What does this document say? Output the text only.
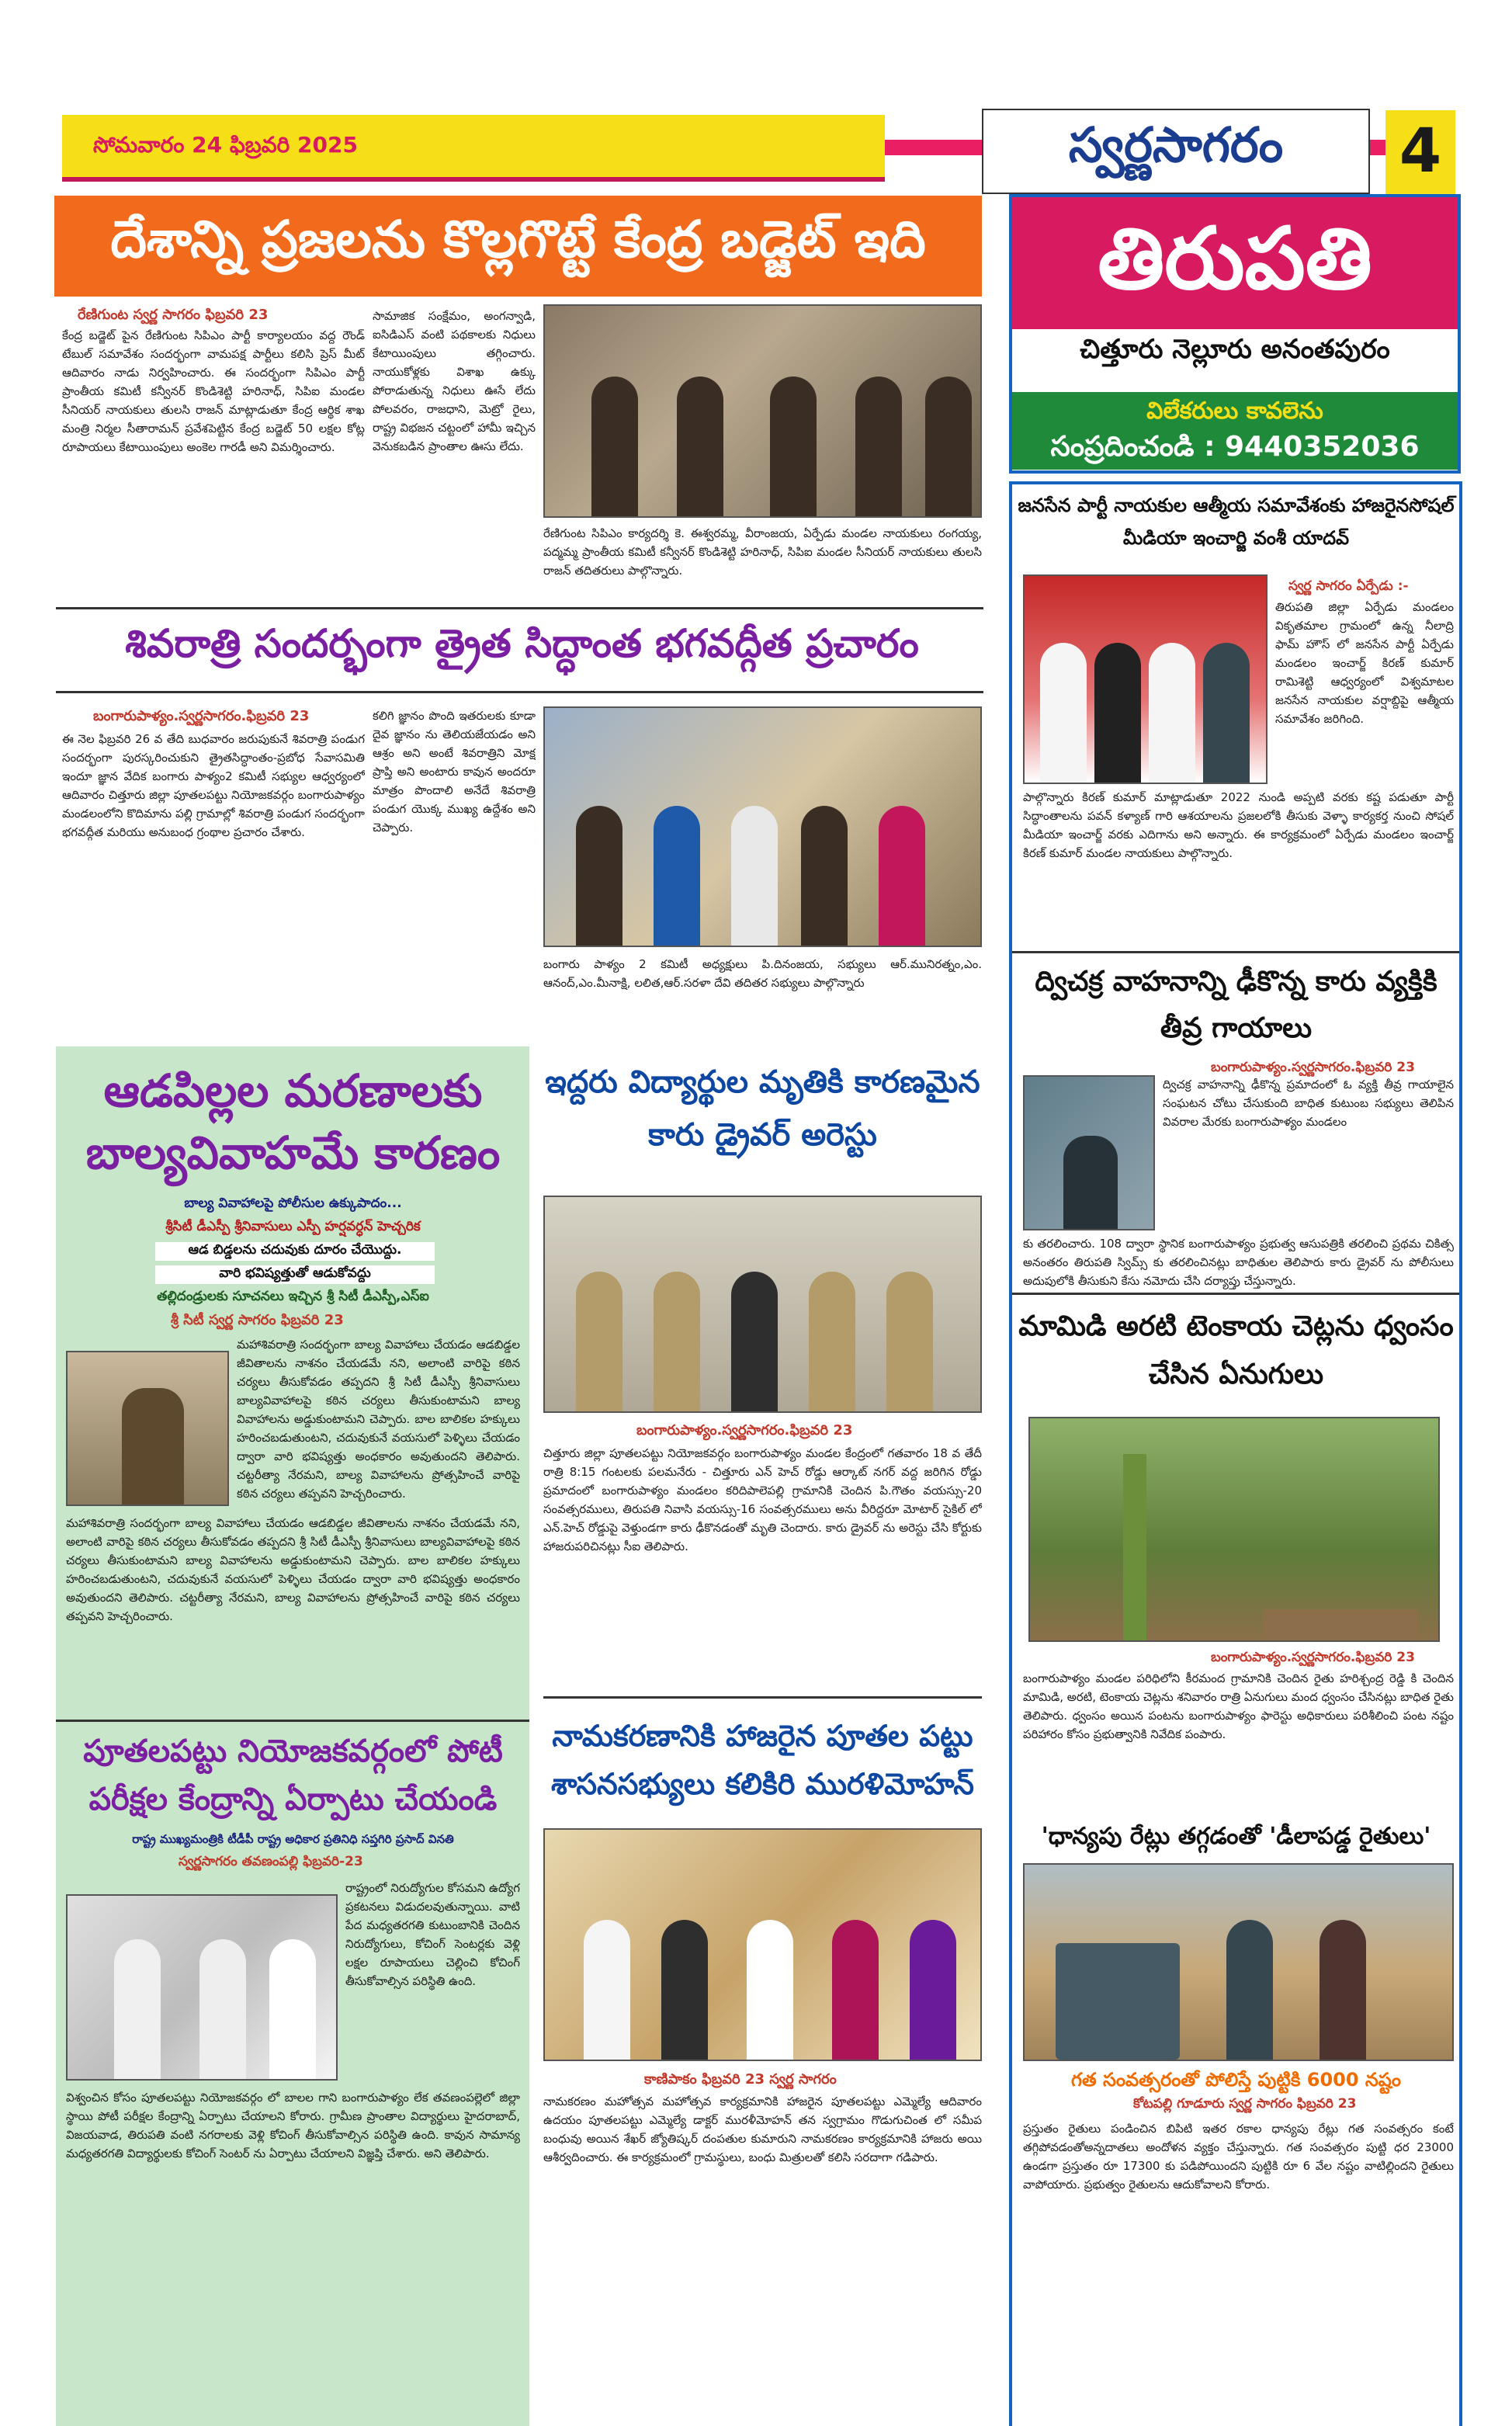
సోమవారం 24 ఫిబ్రవరి 2025	స్వర్ణసాగరం	4
దేశాన్ని ప్రజలను కొల్లగొట్టే కేంద్ర బడ్జెట్ ఇది
రేణిగుంట స్వర్ణ సాగరం ఫిబ్రవరి 23
కేంద్ర బడ్జెట్ పైన రేణిగుంట సిపిఎం పార్టీ కార్యాలయం వద్ద రౌండ్ టేబుల్ సమావేశం సందర్భంగా వామపక్ష పార్టీలు కలిసి ప్రెస్ మీట్ ఆదివారం నాడు నిర్వహించారు. ఈ సందర్భంగా సిపిఎం పార్టీ ప్రాంతీయ కమిటీ కన్వీనర్ కొండిశెట్టి హరినాధ్, సిపిఐ మండల సీనియర్ నాయకులు తులసి రాజన్ మాట్లాడుతూ కేంద్ర ఆర్థిక శాఖ మంత్రి నిర్మల సీతారామన్ ప్రవేశపెట్టిన కేంద్ర బడ్జెట్ 50 లక్షల కోట్ల రూపాయలు కేటాయింపులు అంకెల గారడీ అని విమర్శించారు.
సామాజిక సంక్షేమం, అంగన్వాడి, ఐసిడిఎస్ వంటి పథకాలకు నిధులు కేటాయింపులు తగ్గించారు. నాయుకోళ్లకు విశాఖ ఉక్కు పోరాడుతున్న నిధులు ఊసే లేదు పోలవరం, రాజధాని, మెట్రో రైలు, రాష్ట్ర విభజన చట్టంలో హామీ ఇచ్చిన వెనుకబడిన ప్రాంతాల ఊసు లేదు.
రేణిగుంట సిపిఎం కార్యదర్శి కె. ఈశ్వరమ్మ, వీరాంజయ, ఏర్పేడు మండల నాయకులు రంగయ్య, పద్మమ్మ ప్రాంతీయ కమిటీ కన్వీనర్ కొండిశెట్టి హరినాధ్, సిపిఐ మండల సీనియర్ నాయకులు తులసి రాజన్ తదితరులు పాల్గొన్నారు.
తిరుపతి
చిత్తూరు నెల్లూరు అనంతపురం
విలేకరులు కావలెను
సంప్రదించండి : 9440352036
శివరాత్రి సందర్భంగా త్రైత సిద్ధాంత భగవద్గీత ప్రచారం
బంగారుపాళ్యం.స్వర్ణసాగరం.ఫిబ్రవరి 23
ఈ నెల ఫిబ్రవరి 26 వ తేది బుధవారం జరుపుకునే శివరాత్రి పండుగ సందర్భంగా పురస్కరించుకుని త్రైతసిద్ధాంతం-ప్రబోధ సేవాసమితి ఇందూ జ్ఞాన వేదిక బంగారు పాళ్యం2 కమిటీ సభ్యుల ఆధ్వర్యంలో ఆదివారం చిత్తూరు జిల్లా పూతలపట్టు నియోజకవర్గం బంగారుపాళ్యం మండలంలోని కొదిమాను పల్లి గ్రామాల్లో శివరాత్రి పండుగ సందర్భంగా భగవద్గీత మరియు అనుబంధ గ్రంథాల ప్రచారం చేశారు.
కలిగి జ్ఞానం పొంది ఇతరులకు కూడా దైవ జ్ఞానం ను తెలియజేయడం అని ఆశ్రం అని అంటే శివరాత్రిని మోక్ష ప్రాప్తి అని అంటారు కావున అందరూ మాత్రం పొందాలి అనేదే శివరాత్రి పండుగ యొక్క ముఖ్య ఉద్దేశం అని చెప్పారు.
బంగారు పాళ్యం 2 కమిటీ అధ్యక్షులు పి.దినంజయ, సభ్యులు ఆర్.మునిరత్నం,ఎం. ఆనంద్,ఎం.మీనాక్షి, లలిత,ఆర్.సరళా దేవి తదితర సభ్యులు పాల్గొన్నారు
ఆడపిల్లల మరణాలకు బాల్యవివాహమే కారణం
బాల్య వివాహాలపై పోలీసుల ఉక్కుపాదం...
శ్రీసిటీ డీఎస్పీ శ్రీనివాసులు ఎస్పీ హర్షవర్ధన్ హెచ్చరిక
ఆడ బిడ్డలను చదువుకు దూరం చేయొద్దు.
వారి భవిష్యత్తుతో ఆడుకోవద్దు
తల్లిదండ్రులకు సూచనలు ఇచ్చిన శ్రీ సిటీ డీఎస్పీ,ఎస్ఐ
శ్రీ సిటీ స్వర్ణ సాగరం ఫిబ్రవరి 23
మహాశివరాత్రి సందర్భంగా బాల్య వివాహాలు చేయడం ఆడబిడ్డల జీవితాలను నాశనం చేయడమే నని, అలాంటి వారిపై కఠిన చర్యలు తీసుకోవడం తప్పదని శ్రీ సిటీ డీఎస్పీ శ్రీనివాసులు బాల్యవివాహాలపై కఠిన చర్యలు తీసుకుంటామని బాల్య వివాహాలను అడ్డుకుంటామని చెప్పారు. బాల బాలికల హక్కులు హరించబడుతుంటని, చదువుకునే వయసులో పెళ్ళిలు చేయడం ద్వారా వారి భవిష్యత్తు అంధకారం అవుతుందని తెలిపారు. చట్టరీత్యా నేరమని, బాల్య వివాహాలను ప్రోత్సహించే వారిపై కఠిన చర్యలు తప్పవని హెచ్చరించారు.
మహాశివరాత్రి సందర్భంగా బాల్య వివాహాలు చేయడం ఆడబిడ్డల జీవితాలను నాశనం చేయడమే నని, అలాంటి వారిపై కఠిన చర్యలు తీసుకోవడం తప్పదని శ్రీ సిటీ డీఎస్పీ శ్రీనివాసులు బాల్యవివాహాలపై కఠిన చర్యలు తీసుకుంటామని బాల్య వివాహాలను అడ్డుకుంటామని చెప్పారు. బాల బాలికల హక్కులు హరించబడుతుంటని, చదువుకునే వయసులో పెళ్ళిలు చేయడం ద్వారా వారి భవిష్యత్తు అంధకారం అవుతుందని తెలిపారు. చట్టరీత్యా నేరమని, బాల్య వివాహాలను ప్రోత్సహించే వారిపై కఠిన చర్యలు తప్పవని హెచ్చరించారు.
పూతలపట్టు నియోజకవర్గంలో పోటీ పరీక్షల కేంద్రాన్ని ఏర్పాటు చేయండి
రాష్ట్ర ముఖ్యమంత్రికి టీడీపీ రాష్ట్ర అధికార ప్రతినిధి సప్తగిరి ప్రసాద్ వినతి
స్వర్ణసాగరం తవణంపల్లి ఫిబ్రవరి-23
రాష్ట్రంలో నిరుద్యోగుల కోసమని ఉద్యోగ ప్రకటనలు విడుదలవుతున్నాయి. వాటి పేద మధ్యతరగతి కుటుంబానికి చెందిన నిరుద్యోగులు, కోచింగ్ సెంటర్లకు వెళ్లి లక్షల రూపాయలు చెల్లించి కోచింగ్ తీసుకోవాల్సిన పరిస్థితి ఉంది.
విశ్వంచిన కోసం పూతలపట్టు నియోజకవర్గం లో బాలల గాని బంగారుపాళ్యం లేక తవణంపల్లెలో జిల్లా స్థాయి పోటీ పరీక్షల కేంద్రాన్ని ఏర్పాటు చేయాలని కోరారు. గ్రామీణ ప్రాంతాల విద్యార్థులు హైదరాబాద్, విజయవాడ, తిరుపతి వంటి నగరాలకు వెళ్లి కోచింగ్ తీసుకోవాల్సిన పరిస్థితి ఉంది. కావున సామాన్య మధ్యతరగతి విద్యార్థులకు కోచింగ్ సెంటర్ ను ఏర్పాటు చేయాలని విజ్ఞప్తి చేశారు. అని తెలిపారు.
ఇద్దరు విద్యార్థుల మృతికి కారణమైన కారు డ్రైవర్ అరెస్టు
బంగారుపాళ్యం.స్వర్ణసాగరం.ఫిబ్రవరి 23
చిత్తూరు జిల్లా పూతలపట్టు నియోజకవర్గం బంగారుపాళ్యం మండల కేంద్రంలో గతవారం 18 వ తేదీ రాత్రి 8:15 గంటలకు పలమనేరు - చిత్తూరు ఎన్ హెచ్ రోడ్డు ఆర్కాట్ నగర్ వద్ద జరిగిన రోడ్డు ప్రమాదంలో బంగారుపాళ్యం మండలం కరిదిపాలెపల్లి గ్రామానికి చెందిన పి.గౌతం వయస్సు-20 సంవత్సరములు, తిరుపతి నివాసి వయస్సు-16 సంవత్సరములు అను వీరిద్దరూ మోటార్ సైకిల్ లో ఎన్.హెచ్ రోడ్డుపై వెళ్తుండగా కారు ఢీకొనడంతో మృతి చెందారు. కారు డ్రైవర్ ను అరెస్టు చేసి కోర్టుకు హాజరుపరిచినట్లు సీఐ తెలిపారు.
నామకరణానికి హాజరైన పూతల పట్టు శాసనసభ్యులు కలికిరి మురళిమోహన్
కాణిపాకం ఫిబ్రవరి 23 స్వర్ణ సాగరం
నామకరణం మహోత్సవ మహోత్సవ కార్యక్రమానికి హాజరైన పూతలపట్టు ఎమ్మెల్యే ఆదివారం ఉదయం పూతలపట్టు ఎమ్మెల్యే డాక్టర్ మురళీమోహన్ తన స్వగ్రామం గొడుగుచింత లో సమీప బంధువు అయిన శేఖర్ జ్యోతిష్కర్ దంపతుల కుమారుని నామకరణం కార్యక్రమానికి హాజరు అయి ఆశీర్వదించారు. ఈ కార్యక్రమంలో గ్రామస్థులు, బంధు మిత్రులతో కలిసి సరదాగా గడిపారు.
జనసేన పార్టీ నాయకుల ఆత్మీయ సమావేశంకు హాజరైనసోషల్ మీడియా ఇంచార్జి వంశీ యాదవ్
స్వర్ణ సాగరం ఏర్పేడు :-
తిరుపతి జిల్లా ఏర్పేడు మండలం వికృతమాల గ్రామంలో ఉన్న నీలాద్రి ఫామ్ హౌస్ లో జనసేన పార్టీ ఏర్పేడు మండలం ఇంచార్జ్ కిరణ్ కుమార్ రామిశెట్టి ఆధ్వర్యంలో విశ్వమాటల జనసేన నాయకుల వర్షాబ్దిపై ఆత్మీయ సమావేశం జరిగింది.
పాల్గొన్నారు కిరణ్ కుమార్ మాట్లాడుతూ 2022 నుండి అప్పటి వరకు కష్ట పడుతూ పార్టీ సిద్ధాంతాలను పవన్ కళ్యాణ్ గారి ఆశయాలను ప్రజలలోకి తీసుకు వెళ్ళా కార్యకర్త నుంచి సోషల్ మీడియా ఇంచార్జ్ వరకు ఎదిగాను అని అన్నారు. ఈ కార్యక్రమంలో ఏర్పేడు మండలం ఇంచార్జ్ కిరణ్ కుమార్ మండల నాయకులు పాల్గొన్నారు.
ద్విచక్ర వాహనాన్ని ఢీకొన్న కారు వ్యక్తికి తీవ్ర గాయాలు
బంగారుపాళ్యం.స్వర్ణసాగరం.ఫిబ్రవరి 23
ద్విచక్ర వాహనాన్ని ఢీకొన్న ప్రమాదంలో ఓ వ్యక్తి తీవ్ర గాయాలైన సంఘటన చోటు చేసుకుంది బాధిత కుటుంబ సభ్యులు తెలిపిన వివరాల మేరకు బంగారుపాళ్యం మండలం
కు తరలించారు. 108 ద్వారా స్థానిక బంగారుపాళ్యం ప్రభుత్వ ఆసుపత్రికి తరలించి ప్రథమ చికిత్స అనంతరం తిరుపతి స్విమ్స్ కు తరలించినట్లు బాధితుల తెలిపారు కారు డ్రైవర్ ను పోలీసులు అదుపులోకి తీసుకుని కేసు నమోదు చేసి దర్యాప్తు చేస్తున్నారు.
మామిడి అరటి టెంకాయ చెట్లను ధ్వంసం చేసిన ఏనుగులు
బంగారుపాళ్యం.స్వర్ణసాగరం.ఫిబ్రవరి 23
బంగారుపాళ్యం మండల పరిధిలోని కీరమంద గ్రామానికి చెందిన రైతు హరిశ్చంద్ర రెడ్డి కి చెందిన మామిడి, అరటి, టెంకాయ చెట్లను శనివారం రాత్రి ఏనుగులు మంద ధ్వంసం చేసినట్లు బాధిత రైతు తెలిపారు. ధ్వంసం అయిన పంటను బంగారుపాళ్యం ఫారెస్టు అధికారులు పరిశీలించి పంట నష్టం పరిహారం కోసం ప్రభుత్వానికి నివేదిక పంపారు.
'ధాన్యపు రేట్లు తగ్గడంతో 'డీలాపడ్డ రైతులు'
గత సంవత్సరంతో పోలిస్తే పుట్టికి 6000 నష్టం
కోటపల్లి గూడూరు స్వర్ణ సాగరం ఫిబ్రవరి 23
ప్రస్తుతం రైతులు పండించిన బిపిటి ఇతర రకాల ధాన్యపు రేట్లు గత సంవత్సరం కంటే తగ్గిపోవడంతోఅన్నదాతలు అందోళన వ్యక్తం చేస్తున్నారు. గత సంవత్సరం పుట్టి ధర 23000 ఉండగా ప్రస్తుతం రూ 17300 కు పడిపోయిందని పుట్టికి రూ 6 వేల నష్టం వాటిల్లిందని రైతులు వాపోయారు. ప్రభుత్వం రైతులను ఆదుకోవాలని కోరారు.
